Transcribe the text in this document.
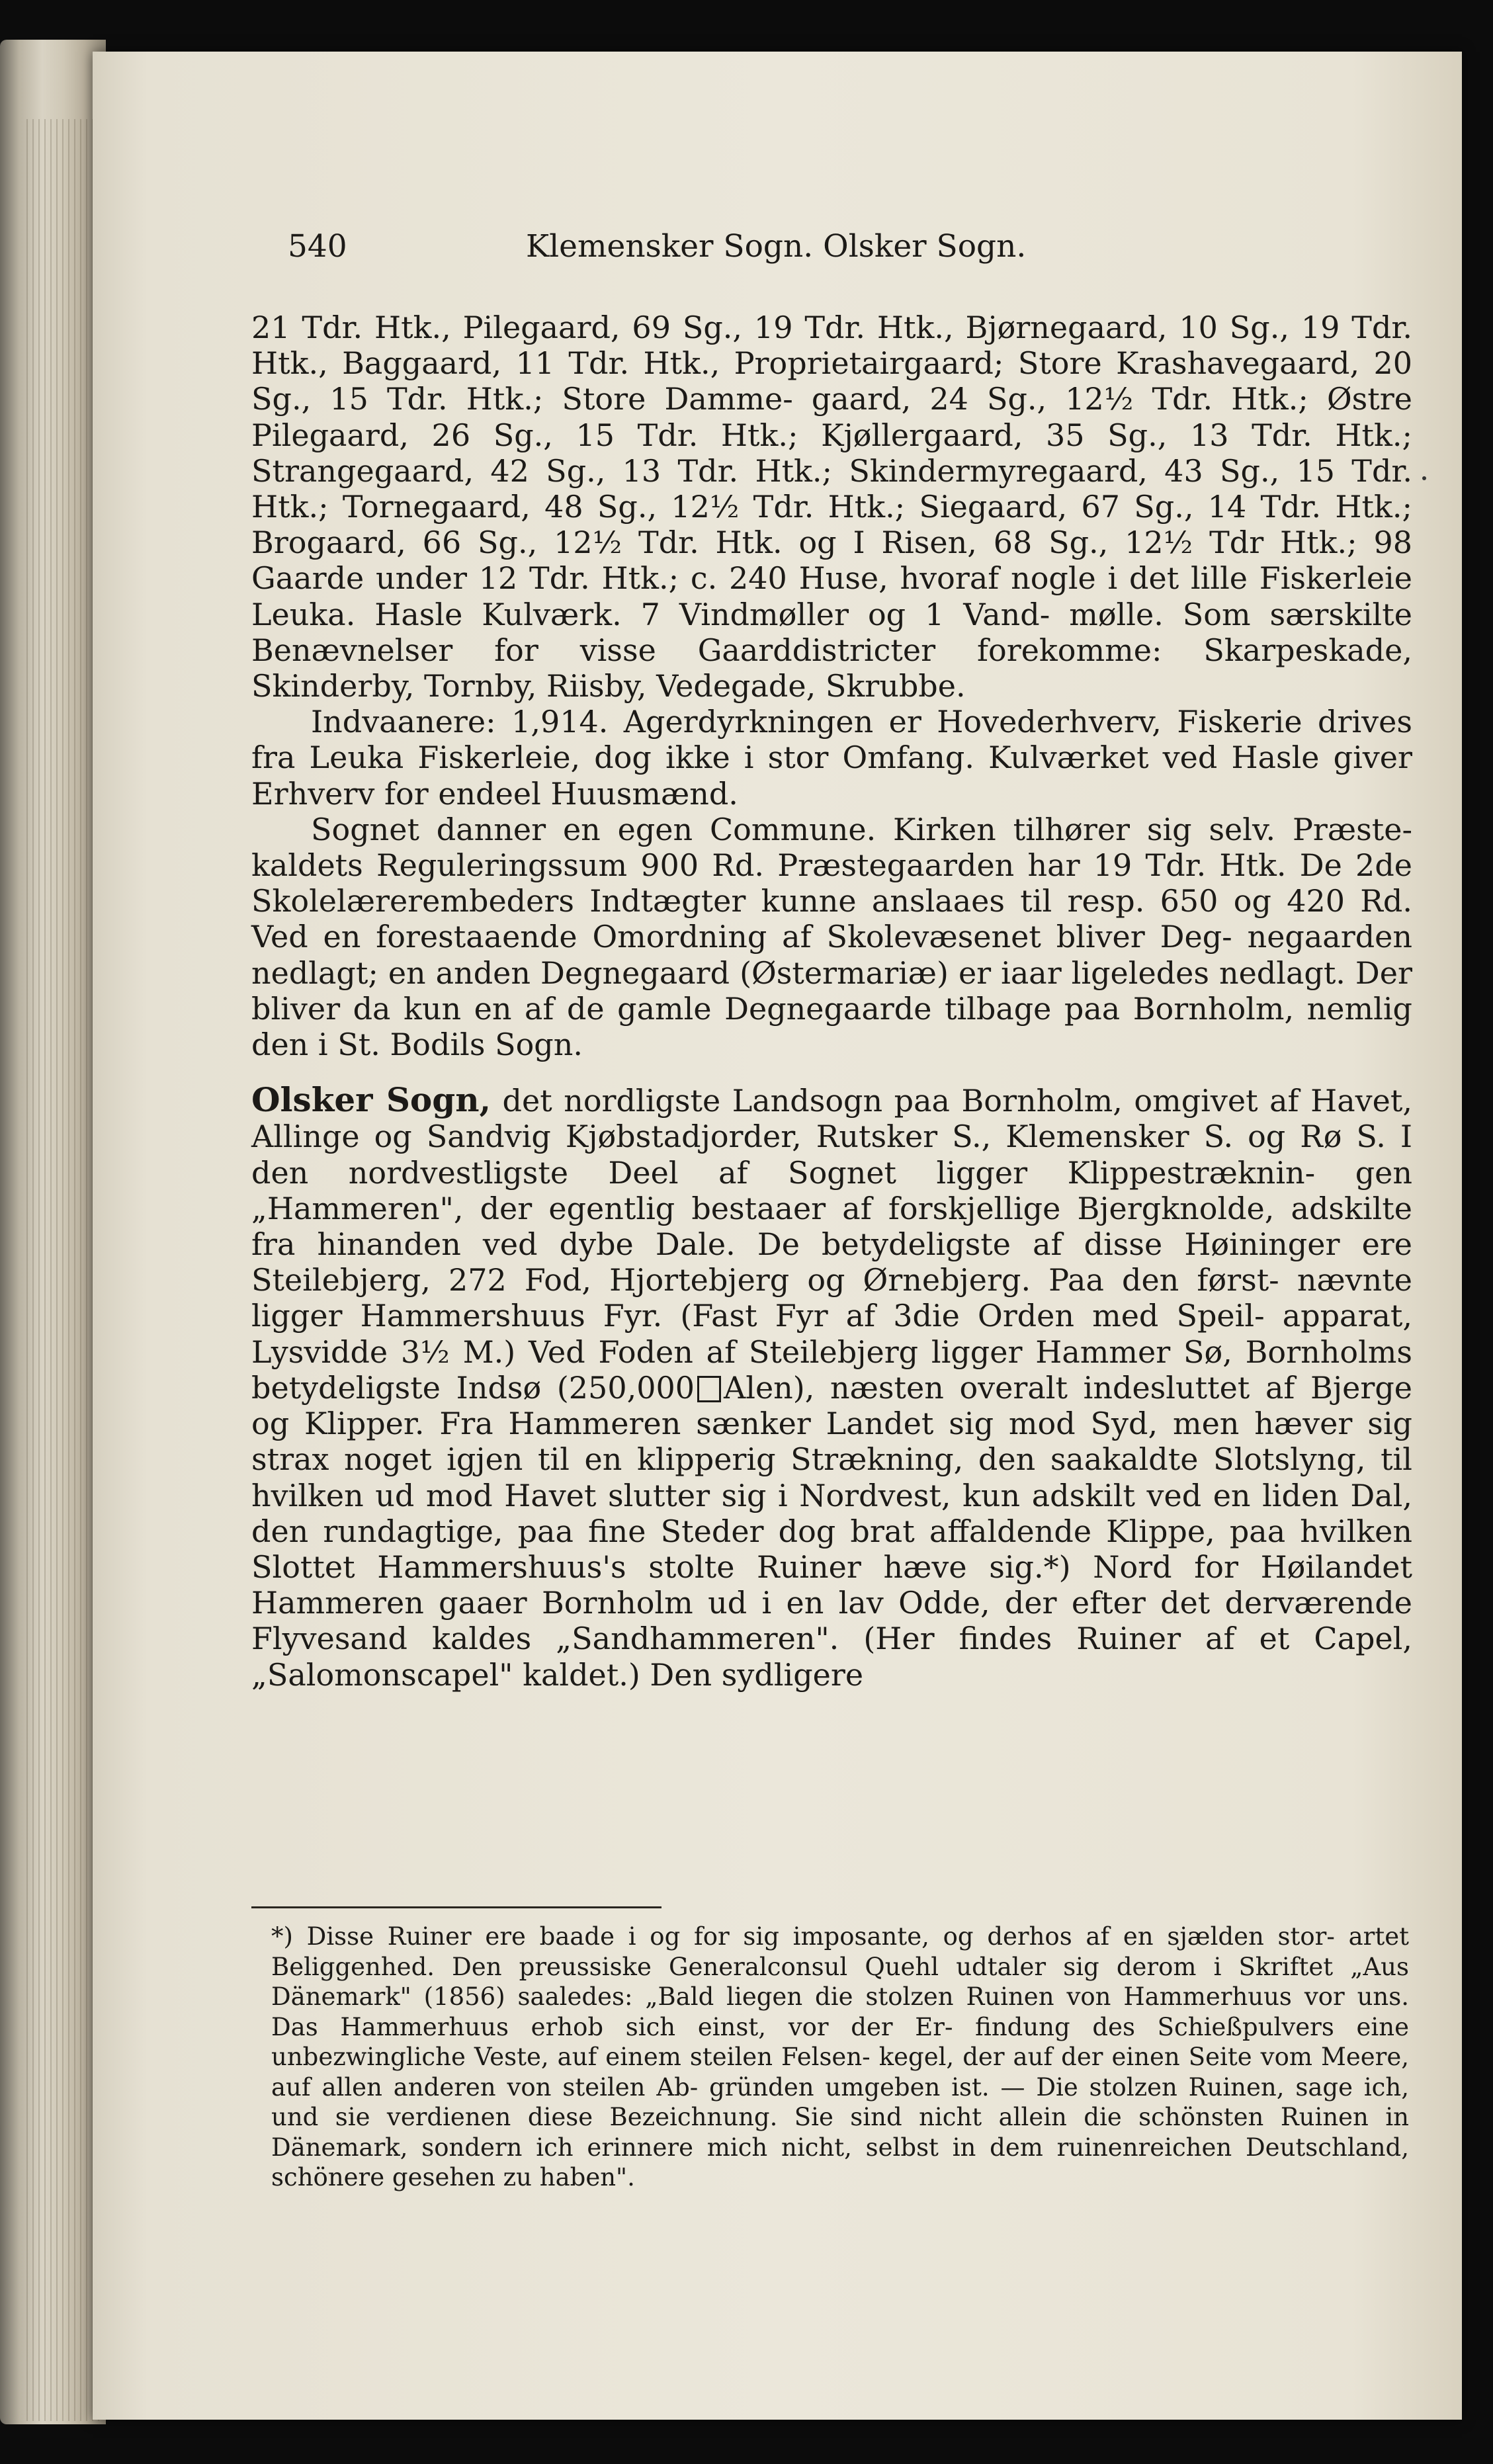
540	Klemensker Sogn. Olsker Sogn.

21 Tdr. Htk., Pilegaard, 69 Sg., 19 Tdr. Htk., Bjørnegaard, 10 Sg., 19 Tdr. Htk., Baggaard, 11 Tdr. Htk., Proprietairgaard; Store Krashavegaard, 20 Sg., 15 Tdr. Htk.; Store Damme- gaard, 24 Sg., 12½ Tdr. Htk.; Østre Pilegaard, 26 Sg., 15 Tdr. Htk.; Kjøllergaard, 35 Sg., 13 Tdr. Htk.; Strangegaard, 42 Sg., 13 Tdr. Htk.; Skindermyregaard, 43 Sg., 15 Tdr. Htk.; Tornegaard, 48 Sg., 12½ Tdr. Htk.; Siegaard, 67 Sg., 14 Tdr. Htk.; Brogaard, 66 Sg., 12½ Tdr. Htk. og I Risen, 68 Sg., 12½ Tdr Htk.; 98 Gaarde under 12 Tdr. Htk.; c. 240 Huse, hvoraf nogle i det lille Fiskerleie Leuka. Hasle Kulværk. 7 Vindmøller og 1 Vand- mølle. Som særskilte Benævnelser for visse Gaarddistricter forekomme: Skarpeskade, Skinderby, Tornby, Riisby, Vedegade, Skrubbe.

Indvaanere: 1,914. Agerdyrkningen er Hovederhverv, Fiskerie drives fra Leuka Fiskerleie, dog ikke i stor Omfang. Kulværket ved Hasle giver Erhverv for endeel Huusmænd.

Sognet danner en egen Commune. Kirken tilhører sig selv. Præste- kaldets Reguleringssum 900 Rd. Præstegaarden har 19 Tdr. Htk. De 2de Skolelærerembeders Indtægter kunne anslaaes til resp. 650 og 420 Rd. Ved en forestaaende Omordning af Skolevæsenet bliver Deg- negaarden nedlagt; en anden Degnegaard (Østermariæ) er iaar ligeledes nedlagt. Der bliver da kun en af de gamle Degnegaarde tilbage paa Bornholm, nemlig den i St. Bodils Sogn.

Olsker Sogn, det nordligste Landsogn paa Bornholm, omgivet af Havet, Allinge og Sandvig Kjøbstadjorder, Rutsker S., Klemensker S. og Rø S. I den nordvestligste Deel af Sognet ligger Klippestræknin- gen „Hammeren", der egentlig bestaaer af forskjellige Bjergknolde, adskilte fra hinanden ved dybe Dale. De betydeligste af disse Høininger ere Steilebjerg, 272 Fod, Hjortebjerg og Ørnebjerg. Paa den først- nævnte ligger Hammershuus Fyr. (Fast Fyr af 3die Orden med Speil- apparat, Lysvidde 3½ M.) Ved Foden af Steilebjerg ligger Hammer Sø, Bornholms betydeligste Indsø (250,000 Alen), næsten overalt indesluttet af Bjerge og Klipper. Fra Hammeren sænker Landet sig mod Syd, men hæver sig strax noget igjen til en klipperig Strækning, den saakaldte Slotslyng, til hvilken ud mod Havet slutter sig i Nordvest, kun adskilt ved en liden Dal, den rundagtige, paa fine Steder dog brat affaldende Klippe, paa hvilken Slottet Hammershuus's stolte Ruiner hæve sig.*) Nord for Høilandet Hammeren gaaer Bornholm ud i en lav Odde, der efter det derværende Flyvesand kaldes „Sandhammeren". (Her findes Ruiner af et Capel, „Salomonscapel" kaldet.) Den sydligere

*) Disse Ruiner ere baade i og for sig imposante, og derhos af en sjælden stor- artet Beliggenhed. Den preussiske Generalconsul Quehl udtaler sig derom i Skriftet „Aus Dänemark" (1856) saaledes: „Bald liegen die stolzen Ruinen von Hammerhuus vor uns. Das Hammerhuus erhob sich einst, vor der Er- findung des Schießpulvers eine unbezwingliche Veste, auf einem steilen Felsen- kegel, der auf der einen Seite vom Meere, auf allen anderen von steilen Ab- gründen umgeben ist. — Die stolzen Ruinen, sage ich, und sie verdienen diese Bezeichnung. Sie sind nicht allein die schönsten Ruinen in Dänemark, sondern ich erinnere mich nicht, selbst in dem ruinenreichen Deutschland, schönere gesehen zu haben".
